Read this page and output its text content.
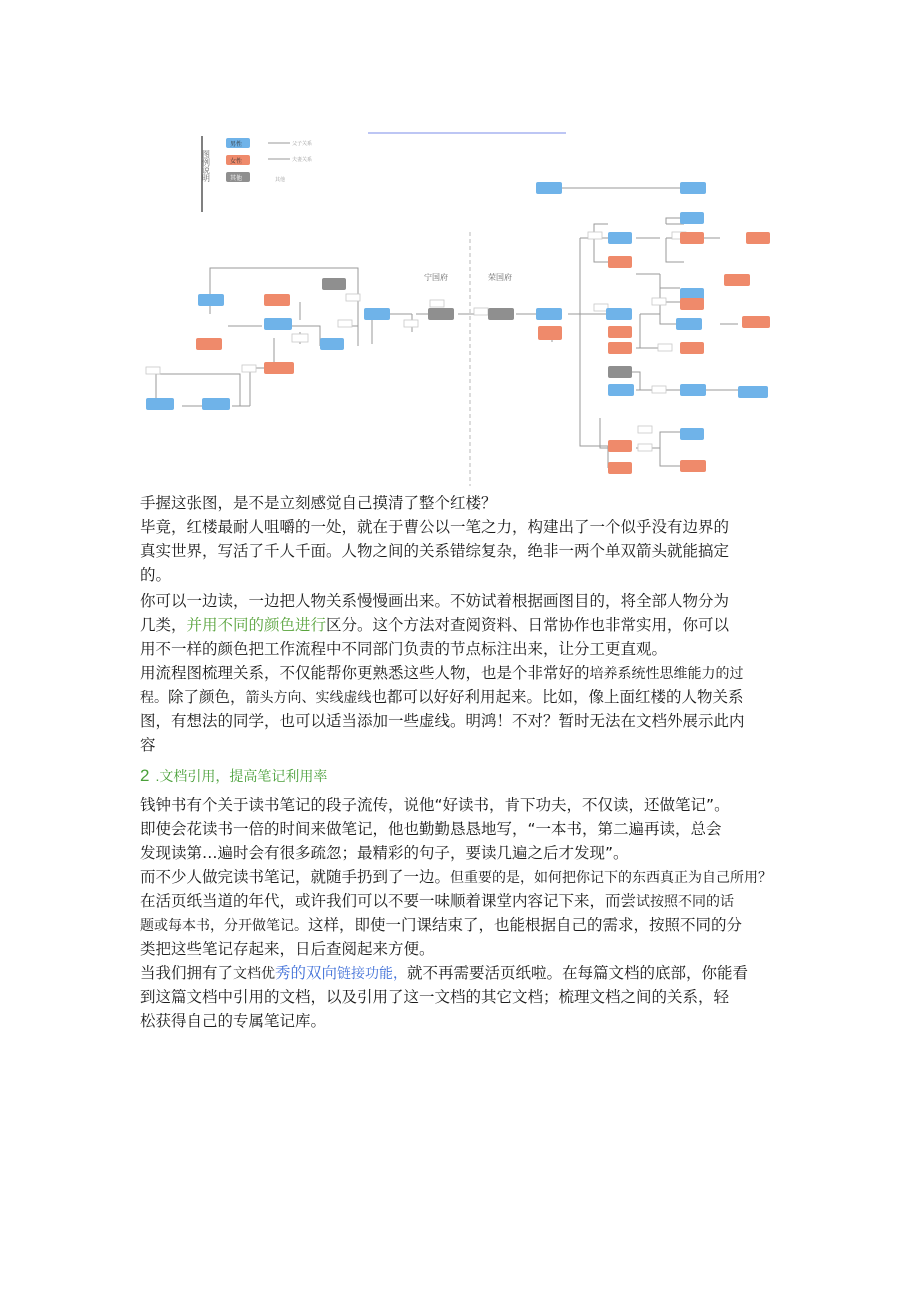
图例说明
男性
女性
其他
父子关系
夫妻关系
其他
宁国府	荣国府
手握这张图，是不是立刻感觉自己摸清了整个红楼？
毕竟，红楼最耐人咀嚼的一处，就在于曹公以一笔之力，构建出了一个似乎没有边界的
真实世界，写活了千人千面。人物之间的关系错综复杂，绝非一两个单双箭头就能搞定
的。
你可以一边读，一边把人物关系慢慢画出来。不妨试着根据画图目的，将全部人物分为
几类，并用不同的颜色进行区分。这个方法对查阅资料、日常协作也非常实用，你可以
用不一样的颜色把工作流程中不同部门负责的节点标注出来，让分工更直观。
用流程图梳理关系，不仅能帮你更熟悉这些人物，也是个非常好的培养系统性思维能力的过
程。除了颜色，箭头方向、实线虚线也都可以好好利用起来。比如，像上面红楼的人物关系
图，有想法的同学，也可以适当添加一些虚线。明鸿！不对？暂时无法在文档外展示此内
容
2 .文档引用，提高笔记利用率
钱钟书有个关于读书笔记的段子流传，说他“好读书，肯下功夫，不仅读，还做笔记”。
即使会花读书一倍的时间来做笔记，他也勤勤恳恳地写，“一本书，第二遍再读，总会
发现读第…遍时会有很多疏忽；最精彩的句子，要读几遍之后才发现”。
而不少人做完读书笔记，就随手扔到了一边。但重要的是，如何把你记下的东西真正为自己所用？
在活页纸当道的年代，或许我们可以不要一味顺着课堂内容记下来，而尝试按照不同的话
题或每本书，分开做笔记。这样，即使一门课结束了，也能根据自己的需求，按照不同的分
类把这些笔记存起来，日后查阅起来方便。
当我们拥有了文档优秀的双向链接功能，就不再需要活页纸啦。在每篇文档的底部，你能看
到这篇文档中引用的文档，以及引用了这一文档的其它文档；梳理文档之间的关系，轻
松获得自己的专属笔记库。
